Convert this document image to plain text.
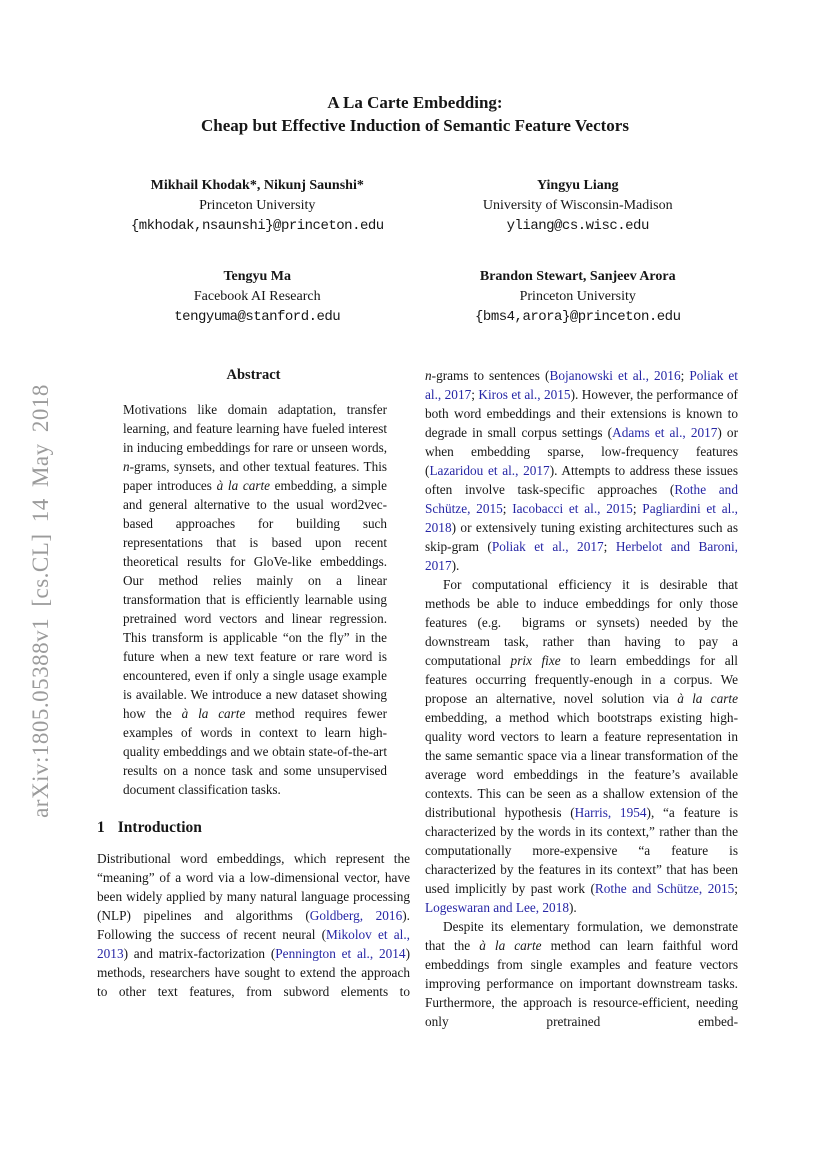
arXiv:1805.05388v1 [cs.CL] 14 May 2018
A La Carte Embedding:
Cheap but Effective Induction of Semantic Feature Vectors
Mikhail Khodak*, Nikunj Saunshi*
Princeton University
{mkhodak,nsaunshi}@princeton.edu
Yingyu Liang
University of Wisconsin-Madison
yliang@cs.wisc.edu
Tengyu Ma
Facebook AI Research
tengyuma@stanford.edu
Brandon Stewart, Sanjeev Arora
Princeton University
{bms4,arora}@princeton.edu
Abstract

Motivations like domain adaptation, transfer learning, and feature learning have fueled interest in inducing embeddings for rare or unseen words, n-grams, synsets, and other textual features. This paper introduces à la carte embedding, a simple and general alternative to the usual word2vec-based approaches for building such representations that is based upon recent theoretical results for GloVe-like embeddings. Our method relies mainly on a linear transformation that is efficiently learnable using pretrained word vectors and linear regression. This transform is applicable “on the fly” in the future when a new text feature or rare word is encountered, even if only a single usage example is available. We introduce a new dataset showing how the à la carte method requires fewer examples of words in context to learn high-quality embeddings and we obtain state-of-the-art results on a nonce task and some unsupervised document classification tasks.

1 Introduction

Distributional word embeddings, which represent the “meaning” of a word via a low-dimensional vector, have been widely applied by many natural language processing (NLP) pipelines and algorithms (Goldberg, 2016). Following the success of recent neural (Mikolov et al., 2013) and matrix-factorization (Pennington et al., 2014) methods, researchers have sought to extend the approach to other text features, from subword elements to

n-grams to sentences (Bojanowski et al., 2016; Poliak et al., 2017; Kiros et al., 2015). However, the performance of both word embeddings and their extensions is known to degrade in small corpus settings (Adams et al., 2017) or when embedding sparse, low-frequency features (Lazaridou et al., 2017). Attempts to address these issues often involve task-specific approaches (Rothe and Schütze, 2015; Iacobacci et al., 2015; Pagliardini et al., 2018) or extensively tuning existing architectures such as skip-gram (Poliak et al., 2017; Herbelot and Baroni, 2017).

For computational efficiency it is desirable that methods be able to induce embeddings for only those features (e.g.  bigrams or synsets) needed by the downstream task, rather than having to pay a computational prix fixe to learn embeddings for all features occurring frequently-enough in a corpus. We propose an alternative, novel solution via à la carte embedding, a method which bootstraps existing high-quality word vectors to learn a feature representation in the same semantic space via a linear transformation of the average word embeddings in the feature’s available contexts. This can be seen as a shallow extension of the distributional hypothesis (Harris, 1954), “a feature is characterized by the words in its context,” rather than the computationally more-expensive “a feature is characterized by the features in its context” that has been used implicitly by past work (Rothe and Schütze, 2015; Logeswaran and Lee, 2018).

Despite its elementary formulation, we demonstrate that the à la carte method can learn faithful word embeddings from single examples and feature vectors improving performance on important downstream tasks. Furthermore, the approach is resource-efficient, needing only pretrained embed-
